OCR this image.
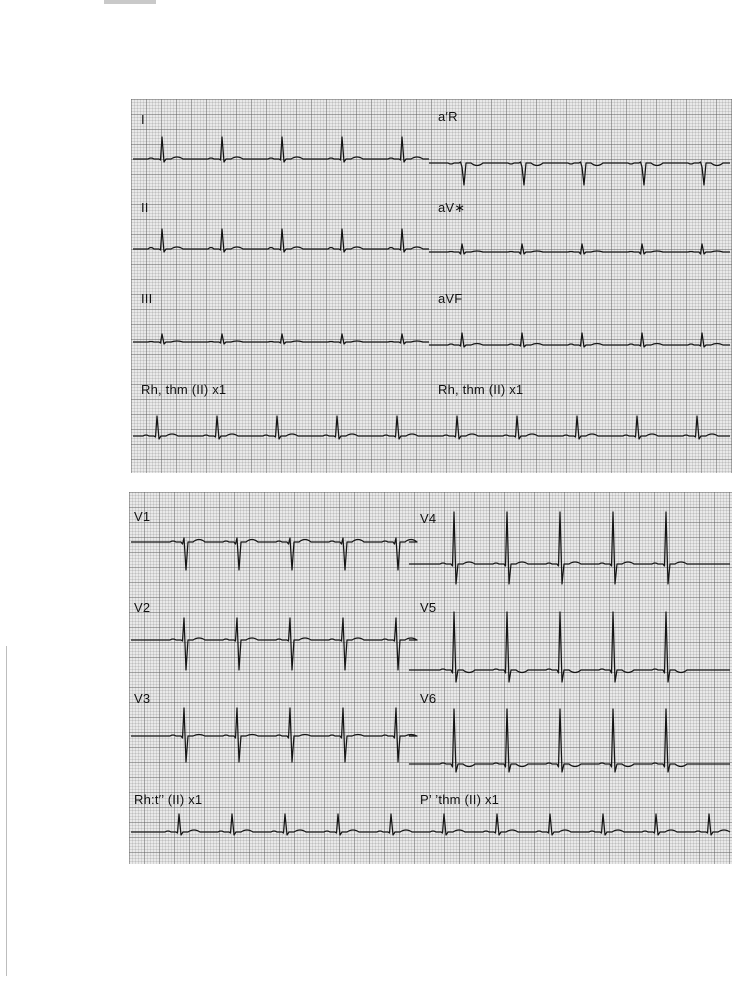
I	a′R
II	aV∗
III	aVF
Rh, thm (II) x1	Rh, thm (II) x1
V1	V4
V2	V5
V3	V6
Rh:t′’ (II) x1	P’ ’thm (II) x1
